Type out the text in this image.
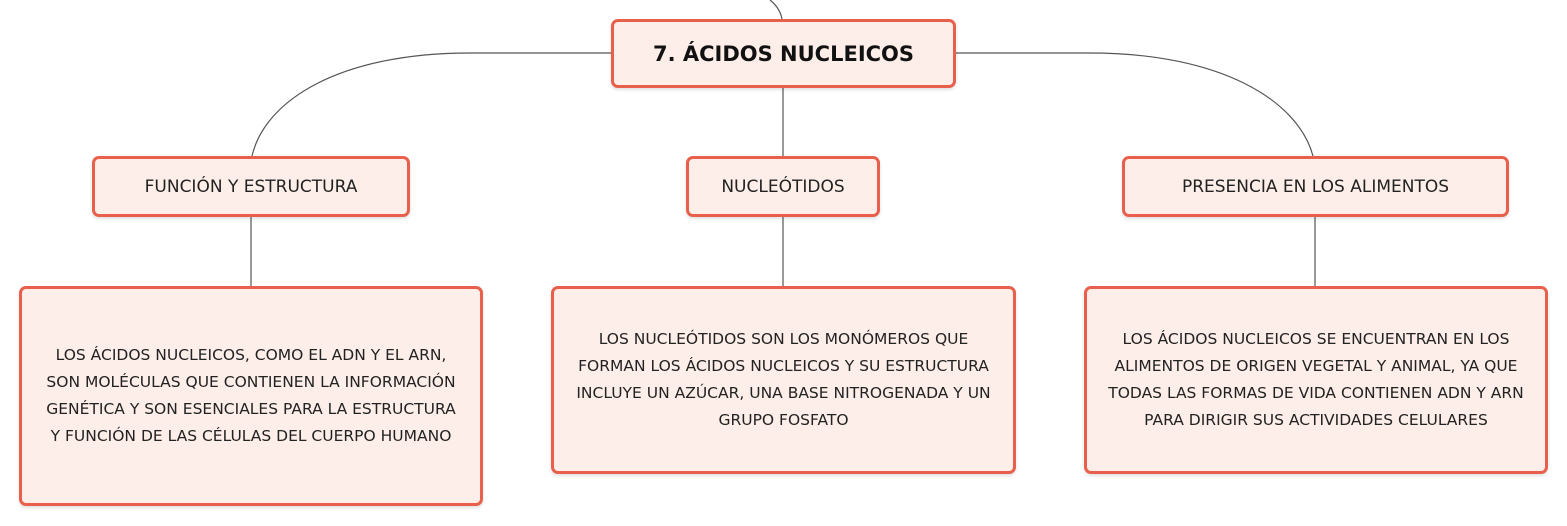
7. ÁCIDOS NUCLEICOS
FUNCIÓN Y ESTRUCTURA	NUCLEÓTIDOS	PRESENCIA EN LOS ALIMENTOS
LOS ÁCIDOS NUCLEICOS, COMO EL ADN Y EL ARN, SON MOLÉCULAS QUE CONTIENEN LA INFORMACIÓN GENÉTICA Y SON ESENCIALES PARA LA ESTRUCTURA Y FUNCIÓN DE LAS CÉLULAS DEL CUERPO HUMANO
LOS NUCLEÓTIDOS SON LOS MONÓMEROS QUE FORMAN LOS ÁCIDOS NUCLEICOS Y SU ESTRUCTURA INCLUYE UN AZÚCAR, UNA BASE NITROGENADA Y UN GRUPO FOSFATO
LOS ÁCIDOS NUCLEICOS SE ENCUENTRAN EN LOS ALIMENTOS DE ORIGEN VEGETAL Y ANIMAL, YA QUE TODAS LAS FORMAS DE VIDA CONTIENEN ADN Y ARN PARA DIRIGIR SUS ACTIVIDADES CELULARES
